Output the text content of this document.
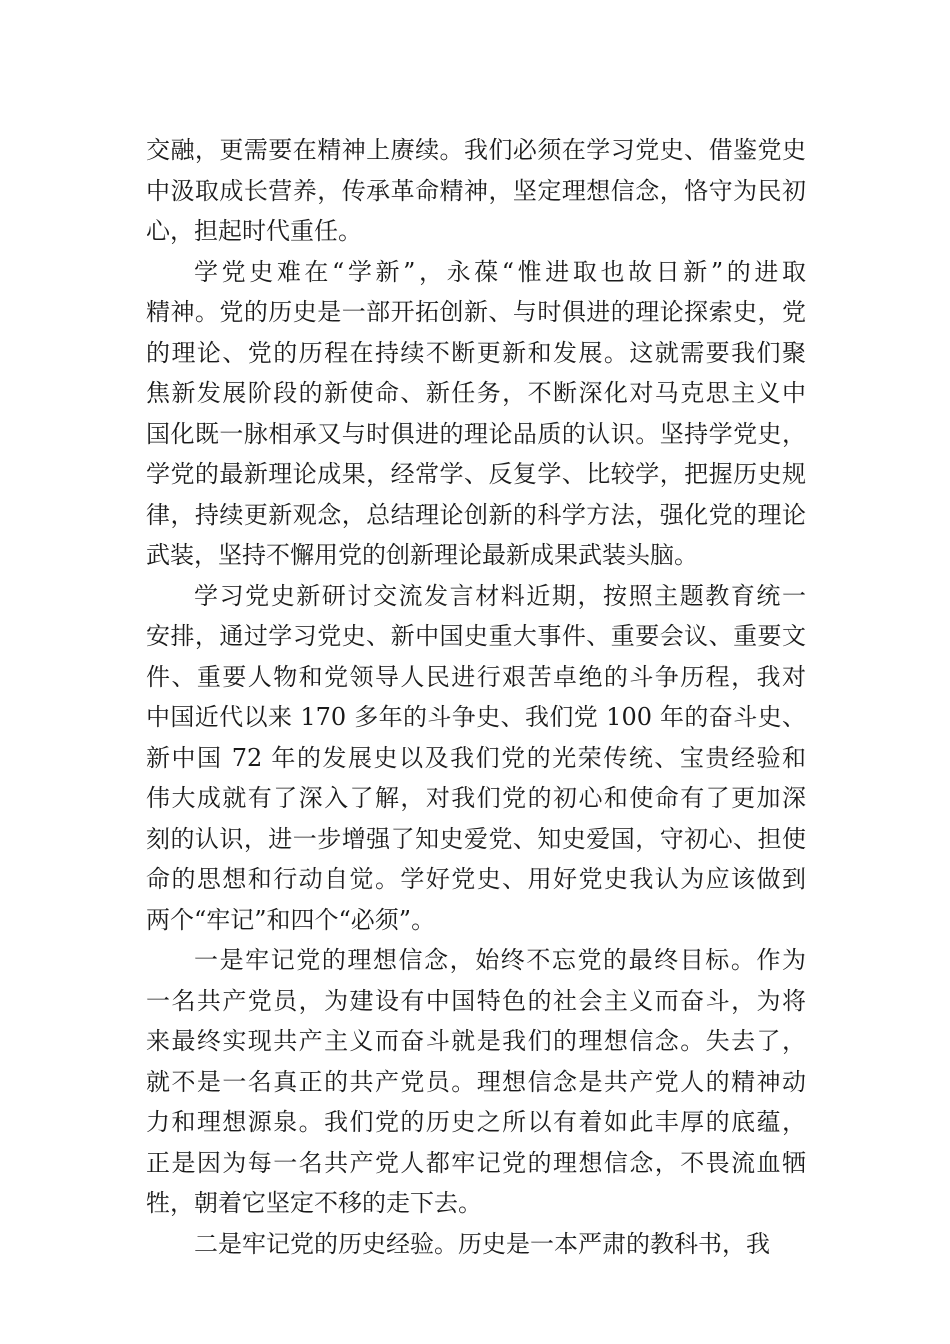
交融，更需要在精神上赓续。我们必须在学习党史、借鉴党史
中汲取成长营养，传承革命精神，坚定理想信念，恪守为民初
心，担起时代重任。
学党史难在“学新”，永葆“惟进取也故日新”的进取
精神。党的历史是一部开拓创新、与时俱进的理论探索史，党
的理论、党的历程在持续不断更新和发展。这就需要我们聚
焦新发展阶段的新使命、新任务，不断深化对马克思主义中
国化既一脉相承又与时俱进的理论品质的认识。坚持学党史，
学党的最新理论成果，经常学、反复学、比较学，把握历史规
律，持续更新观念，总结理论创新的科学方法，强化党的理论
武装，坚持不懈用党的创新理论最新成果武装头脑。
学习党史新研讨交流发言材料近期，按照主题教育统一
安排，通过学习党史、新中国史重大事件、重要会议、重要文
件、重要人物和党领导人民进行艰苦卓绝的斗争历程，我对
中国近代以来 170 多年的斗争史、我们党 100 年的奋斗史、
新中国 72 年的发展史以及我们党的光荣传统、宝贵经验和
伟大成就有了深入了解，对我们党的初心和使命有了更加深
刻的认识，进一步增强了知史爱党、知史爱国，守初心、担使
命的思想和行动自觉。学好党史、用好党史我认为应该做到
两个“牢记”和四个“必须”。
一是牢记党的理想信念，始终不忘党的最终目标。作为
一名共产党员，为建设有中国特色的社会主义而奋斗，为将
来最终实现共产主义而奋斗就是我们的理想信念。失去了，
就不是一名真正的共产党员。理想信念是共产党人的精神动
力和理想源泉。我们党的历史之所以有着如此丰厚的底蕴，
正是因为每一名共产党人都牢记党的理想信念，不畏流血牺
牲，朝着它坚定不移的走下去。
二是牢记党的历史经验。历史是一本严肃的教科书，我
